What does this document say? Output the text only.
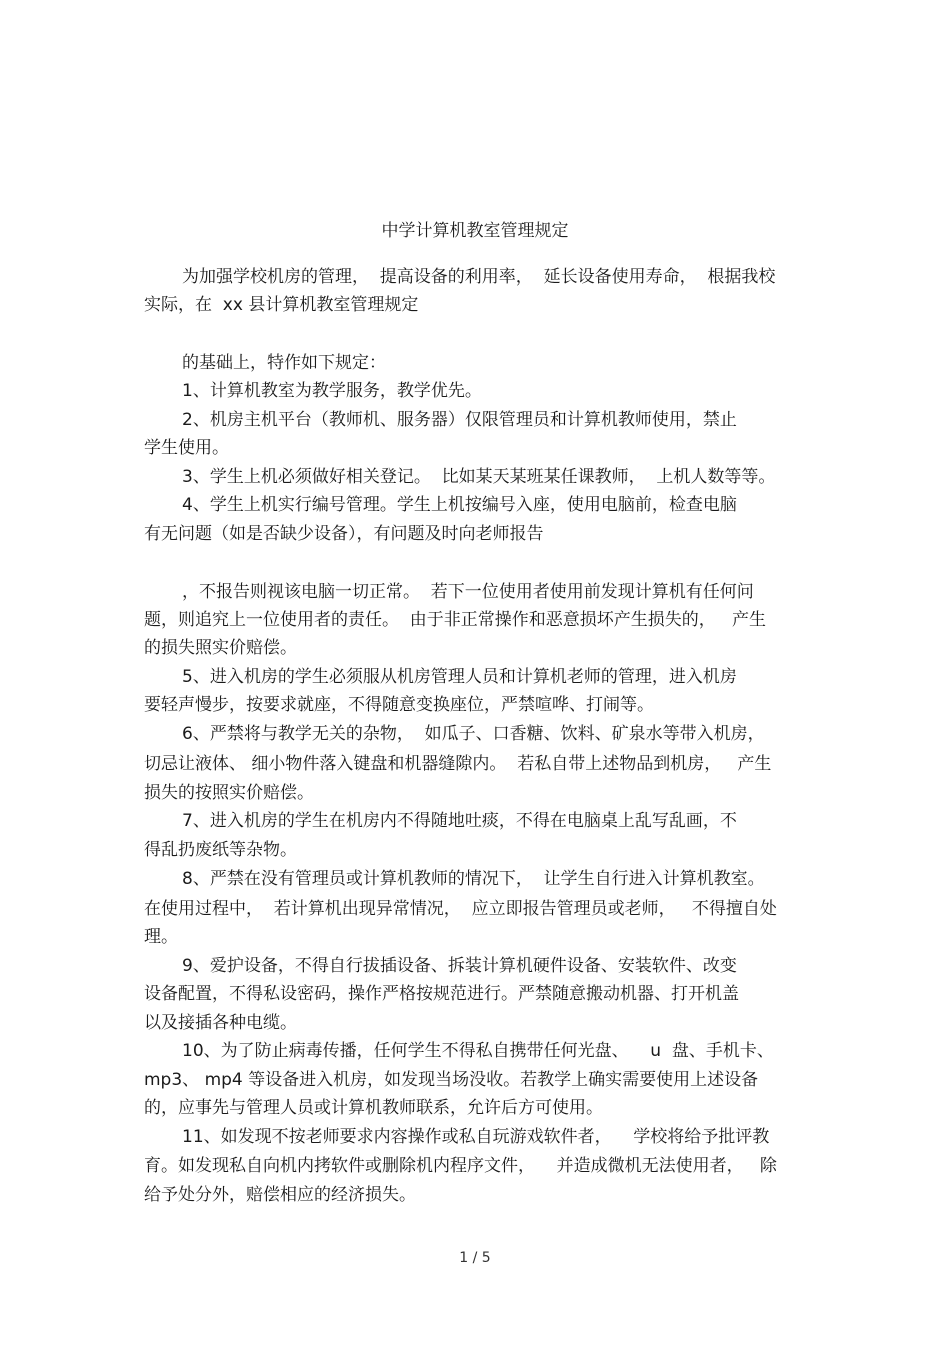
中学计算机教室管理规定
为加强学校机房的管理，  提高设备的利用率，  延长设备使用寿命，  根据我校
实际，在  xx 县计算机教室管理规定
的基础上，特作如下规定：
1、计算机教室为教学服务，教学优先。
2、机房主机平台（教师机、服务器）仅限管理员和计算机教师使用，禁止
学生使用。
3、学生上机必须做好相关登记。  比如某天某班某任课教师，  上机人数等等。
4、学生上机实行编号管理。学生上机按编号入座，使用电脑前，检查电脑
有无问题（如是否缺少设备），有问题及时向老师报告
，不报告则视该电脑一切正常。  若下一位使用者使用前发现计算机有任何问
题，则追究上一位使用者的责任。  由于非正常操作和恶意损坏产生损失的，   产生
的损失照实价赔偿。
5、进入机房的学生必须服从机房管理人员和计算机老师的管理，进入机房
要轻声慢步，按要求就座，不得随意变换座位，严禁喧哗、打闹等。
6、严禁将与教学无关的杂物，  如瓜子、口香糖、饮料、矿泉水等带入机房，
切忌让液体、 细小物件落入键盘和机器缝隙内。  若私自带上述物品到机房，   产生
损失的按照实价赔偿。
7、进入机房的学生在机房内不得随地吐痰，不得在电脑桌上乱写乱画，不
得乱扔废纸等杂物。
8、严禁在没有管理员或计算机教师的情况下，  让学生自行进入计算机教室。
在使用过程中，  若计算机出现异常情况，  应立即报告管理员或老师，   不得擅自处
理。
9、爱护设备，不得自行拔插设备、拆装计算机硬件设备、安装软件、改变
设备配置，不得私设密码，操作严格按规范进行。严禁随意搬动机器、打开机盖
以及接插各种电缆。
10、为了防止病毒传播，任何学生不得私自携带任何光盘、    u  盘、手机卡、
mp3、 mp4 等设备进入机房，如发现当场没收。若教学上确实需要使用上述设备
的，应事先与管理人员或计算机教师联系，允许后方可使用。
11、如发现不按老师要求内容操作或私自玩游戏软件者，    学校将给予批评教
育。如发现私自向机内拷软件或删除机内程序文件，    并造成微机无法使用者，   除
给予处分外，赔偿相应的经济损失。
1 / 5
